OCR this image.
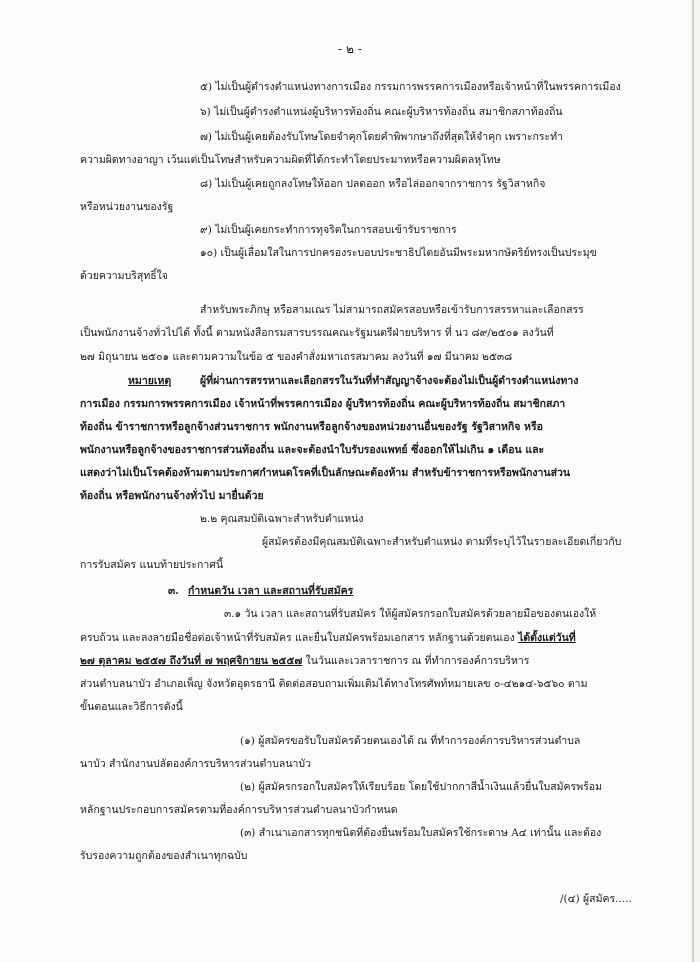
- ๒ -
๕) ไม่เป็นผู้ดำรงตำแหน่งทางการเมือง กรรมการพรรคการเมืองหรือเจ้าหน้าที่ในพรรคการเมือง
๖) ไม่เป็นผู้ดำรงตำแหน่งผู้บริหารท้องถิ่น คณะผู้บริหารท้องถิ่น สมาชิกสภาท้องถิ่น
๗) ไม่เป็นผู้เคยต้องรับโทษโดยจำคุกโดยคำพิพากษาถึงที่สุดให้จำคุก เพราะกระทำ
ความผิดทางอาญา เว้นแต่เป็นโทษสำหรับความผิดที่ได้กระทำโดยประมาทหรือความผิดลหุโทษ
๘) ไม่เป็นผู้เคยถูกลงโทษให้ออก ปลดออก หรือไล่ออกจากราชการ รัฐวิสาหกิจ
หรือหน่วยงานของรัฐ
๙) ไม่เป็นผู้เคยกระทำการทุจริตในการสอบเข้ารับราชการ
๑๐) เป็นผู้เลื่อมใสในการปกครองระบอบประชาธิปไตยอันมีพระมหากษัตริย์ทรงเป็นประมุข
ด้วยความบริสุทธิ์ใจ
สำหรับพระภิกษุ หรือสามเณร ไม่สามารถสมัครสอบหรือเข้ารับการสรรหาและเลือกสรร
เป็นพนักงานจ้างทั่วไปได้ ทั้งนี้ ตามหนังสือกรมสารบรรณคณะรัฐมนตรีฝ่ายบริหาร ที่ นว ๘๙/๒๕๐๑ ลงวันที่
๒๗ มิถุนายน ๒๕๐๑ และตามความในข้อ ๕ ของคำสั่งมหาเถรสมาคม ลงวันที่ ๑๗ มีนาคม ๒๕๓๘
หมายเหตุ	ผู้ที่ผ่านการสรรหาและเลือกสรรในวันที่ทำสัญญาจ้างจะต้องไม่เป็นผู้ดำรงตำแหน่งทาง
การเมือง กรรมการพรรคการเมือง เจ้าหน้าที่พรรคการเมือง ผู้บริหารท้องถิ่น คณะผู้บริหารท้องถิ่น สมาชิกสภา
ท้องถิ่น ข้าราชการหรือลูกจ้างส่วนราชการ พนักงานหรือลูกจ้างของหน่วยงานอื่นของรัฐ รัฐวิสาหกิจ หรือ
พนักงานหรือลูกจ้างของราชการส่วนท้องถิ่น และจะต้องนำใบรับรองแพทย์ ซึ่งออกให้ไม่เกิน ๑ เดือน และ
แสดงว่าไม่เป็นโรคต้องห้ามตามประกาศกำหนดโรคที่เป็นลักษณะต้องห้าม สำหรับข้าราชการหรือพนักงานส่วน
ท้องถิ่น หรือพนักงานจ้างทั่วไป มายื่นด้วย
๒.๒ คุณสมบัติเฉพาะสำหรับตำแหน่ง
ผู้สมัครต้องมีคุณสมบัติเฉพาะสำหรับตำแหน่ง ตามที่ระบุไว้ในรายละเอียดเกี่ยวกับ
การรับสมัคร แนบท้ายประกาศนี้
๓. กำหนดวัน เวลา และสถานที่รับสมัคร
๓.๑ วัน เวลา และสถานที่รับสมัคร ให้ผู้สมัครกรอกใบสมัครด้วยลายมือของตนเองให้
ครบถ้วน และลงลายมือชื่อต่อเจ้าหน้าที่รับสมัคร และยื่นใบสมัครพร้อมเอกสาร หลักฐานด้วยตนเอง ได้ตั้งแต่วันที่
๒๗ ตุลาคม ๒๕๕๗ ถึงวันที่ ๗ พฤศจิกายน ๒๕๕๗ ในวันและเวลาราชการ ณ ที่ทำการองค์การบริหาร
ส่วนตำบลนาบัว อำเภอเพ็ญ จังหวัดอุดรธานี ติดต่อสอบถามเพิ่มเติมได้ทางโทรศัพท์หมายเลข ๐-๔๒๑๔-๖๕๖๐ ตาม
ขั้นตอนและวิธีการดังนี้
(๑) ผู้สมัครขอรับใบสมัครด้วยตนเองได้ ณ ที่ทำการองค์การบริหารส่วนตำบล
นาบัว สำนักงานปลัดองค์การบริหารส่วนตำบลนาบัว
(๒) ผู้สมัครกรอกใบสมัครให้เรียบร้อย โดยใช้ปากกาสีน้ำเงินแล้วยื่นใบสมัครพร้อม
หลักฐานประกอบการสมัครตามที่องค์การบริหารส่วนตำบลนาบัวกำหนด
(๓) สำเนาเอกสารทุกชนิดที่ต้องยื่นพร้อมใบสมัครใช้กระดาษ A๔ เท่านั้น และต้อง
รับรองความถูกต้องของสำเนาทุกฉบับ
/(๔) ผู้สมัคร.....
